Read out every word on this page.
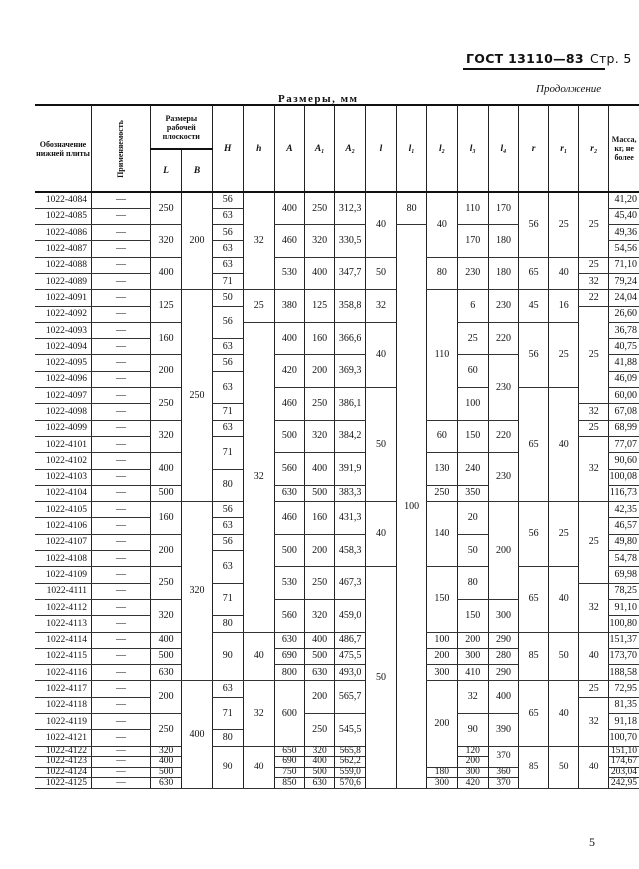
ГОСТ 13110—83 Стр. 5
Продолжение
Размеры, мм
Обозначение нижней плиты	Применяемость	Размеры рабочей плоскости		H	h	A	A₁	A₂	l	l₁	l₂	l₃	l₄	r	r₁	r₂	Масса, кг, не более
		L	B														
1022-4084	—	250	200	56	32	400	250	312,3	40	80	40	110	170	56	25	25	41,20
1022-4085	—			63													45,40
1022-4086	—	320		56		460	320	330,5		100		170	180				49,36
1022-4087	—			63													54,56
1022-4088	—	400		63		530	400	347,7	50		80	230	180	65	40	25	71,10
1022-4089	—			71												32	79,24
1022-4091	—	125	250	50	25	380	125	358,8	32		110	6	230	45	16	22	24,04
1022-4092	—			56												25	26,60
1022-4093	—	160			32	400	160	366,6	40			25	220	56	25		36,78
1022-4094	—			63													40,75
1022-4095	—	200		56		420	200	369,3				60	230				41,88
1022-4096	—			63													46,09
1022-4097	—	250				460	250	386,1	50			100		65	40		60,00
1022-4098	—			71												32	67,08
1022-4099	—	320		63		500	320	384,2			60	150	220			25	68,99
1022-4101	—			71												32	77,07
1022-4102	—	400				560	400	391,9			130	240	230				90,60
1022-4103	—			80													100,08
1022-4104	—	500				630	500	383,3			250	350					116,73
1022-4105	—	160	320	56		460	160	431,3	40		140	20	200	56	25	25	42,35
1022-4106	—			63													46,57
1022-4107	—	200		56		500	200	458,3				50					49,80
1022-4108	—			63													54,78
1022-4109	—	250				530	250	467,3	50		150	80		65	40		69,98
1022-4111	—			71												32	78,25
1022-4112	—	320				560	320	459,0				150	300				91,10
1022-4113	—			80													100,80
1022-4114	—	400		90	40	630	400	486,7			100	200	290	85	50	40	151,37
1022-4115	—	500				690	500	475,5			200	300	280				173,70
1022-4116	—	630				800	630	493,0			300	410	290				188,58
1022-4117	—	200	400	63	32	600	200	565,7			200	32	400	65	40	25	72,95
1022-4118	—			71												32	81,35
1022-4119	—	250					250	545,5				90	390				91,18
1022-4121	—			80													100,70
1022-4122	—	320		90	40	650	320	565,8				120	370	85	50	40	151,10
1022-4123	—	400				690	400	562,2				200					174,67
1022-4124	—	500				750	500	559,0			180	300	360				203,04
1022-4125	—	630				850	630	570,6			300	420	370				242,95
5
